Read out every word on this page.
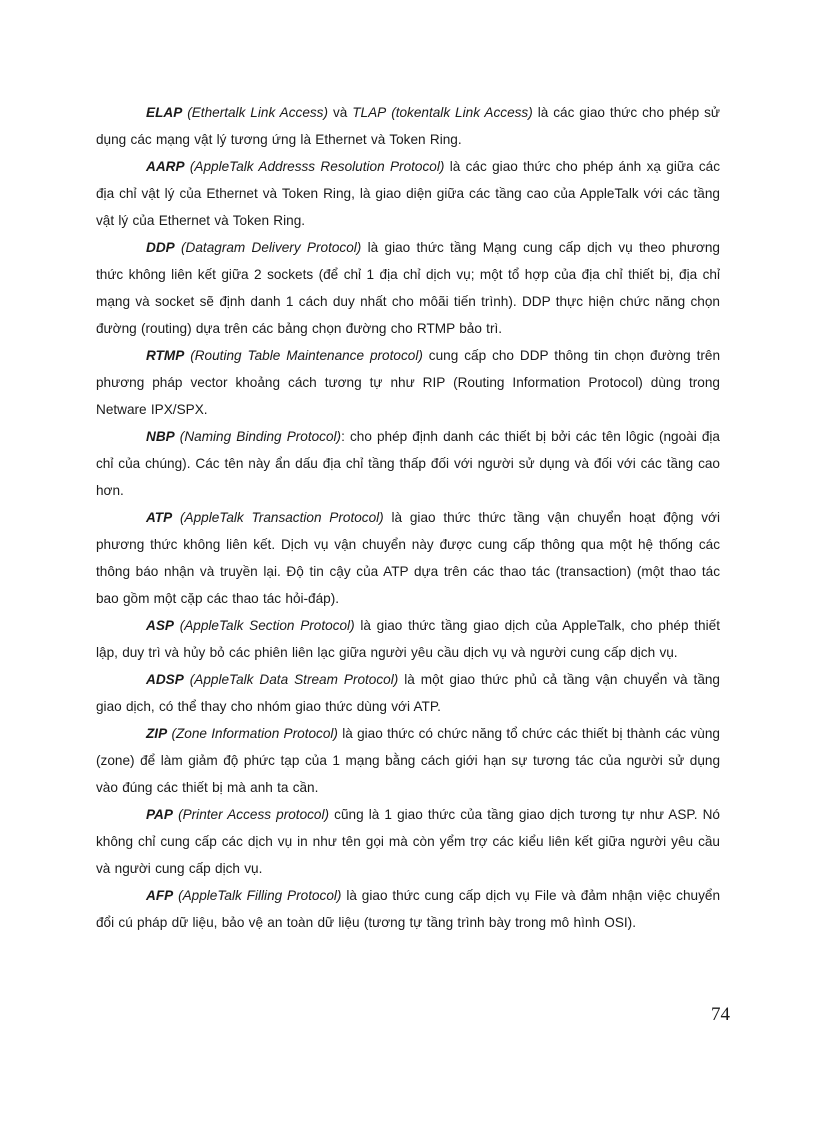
ELAP (Ethertalk Link Access) và TLAP (tokentalk Link Access) là các giao thức cho phép sử dụng các mạng vật lý tương ứng là Ethernet và Token Ring.

AARP (AppleTalk Addresss Resolution Protocol) là các giao thức cho phép ánh xạ giữa các địa chỉ vật lý của Ethernet và Token Ring, là giao diện giữa các tầng cao của AppleTalk với các tầng vật lý của Ethernet và Token Ring.

DDP (Datagram Delivery Protocol) là giao thức tầng Mạng cung cấp dịch vụ theo phương thức không liên kết giữa 2 sockets (để chỉ 1 địa chỉ dịch vụ; một tổ hợp của địa chỉ thiết bị, địa chỉ mạng và socket sẽ định danh 1 cách duy nhất cho môãi tiến trình). DDP thực hiện chức năng chọn đường (routing) dựa trên các bảng chọn đường cho RTMP bảo trì.

RTMP (Routing Table Maintenance protocol) cung cấp cho DDP thông tin chọn đường trên phương pháp vector khoảng cách tương tự như RIP (Routing Information Protocol) dùng trong Netware IPX/SPX.

NBP (Naming Binding Protocol): cho phép định danh các thiết bị bởi các tên lôgic (ngoài địa chỉ của chúng). Các tên này ẩn dấu địa chỉ tầng thấp đối với người sử dụng và đối với các tầng cao hơn.

ATP (AppleTalk Transaction Protocol) là giao thức thức tầng vận chuyển hoạt động với phương thức không liên kết. Dịch vụ vận chuyển này được cung cấp thông qua một hệ thống các thông báo nhận và truyền lại. Độ tin cậy của ATP dựa trên các thao tác (transaction) (một thao tác bao gồm một cặp các thao tác hỏi-đáp).

ASP (AppleTalk Section Protocol) là giao thức tầng giao dịch của AppleTalk, cho phép thiết lập, duy trì và hủy bỏ các phiên liên lạc giữa người yêu cầu dịch vụ và người cung cấp dịch vụ.

ADSP (AppleTalk Data Stream Protocol) là một giao thức phủ cả tầng vận chuyển và tầng giao dịch, có thể thay cho nhóm giao thức dùng với ATP.

ZIP (Zone Information Protocol) là giao thức có chức năng tổ chức các thiết bị thành các vùng (zone) để làm giảm độ phức tạp của 1 mạng bằng cách giới hạn sự tương tác của người sử dụng vào đúng các thiết bị mà anh ta cần.

PAP (Printer Access protocol) cũng là 1 giao thức của tầng giao dịch tương tự như ASP. Nó không chỉ cung cấp các dịch vụ in như tên gọi mà còn yểm trợ các kiểu liên kết giữa người yêu cầu và người cung cấp dịch vụ.

AFP (AppleTalk Filling Protocol) là giao thức cung cấp dịch vụ File và đảm nhận việc chuyển đổi cú pháp dữ liệu, bảo vệ an toàn dữ liệu (tương tự tầng trình bày trong mô hình OSI).

74
